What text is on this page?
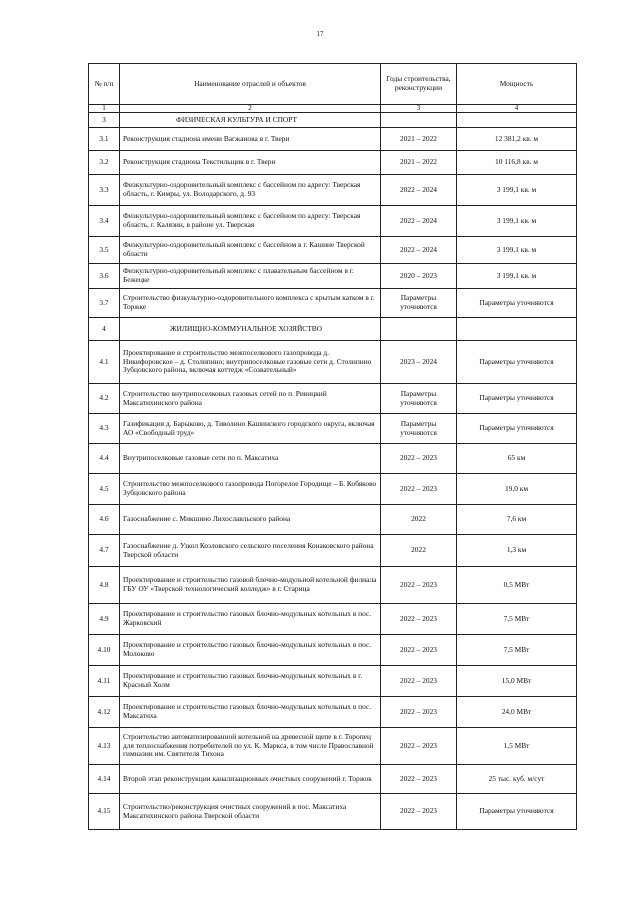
17
№ п/п	Наименование отраслей и объектов	Годы строительства, реконструкции	Мощность
1	2	3	4
3	ФИЗИЧЕСКАЯ КУЛЬТУРА И СПОРТ		
3.1	Реконструкция стадиона имени Вагжанова в г. Твери	2021 – 2022	12 381,2 кв. м
3.2	Реконструкция стадиона Текстильщик в г. Твери	2021 – 2022	10 116,8 кв. м
3.3	Физкультурно-оздоровительный комплекс с бассейном по адресу: Тверская область, г. Кимры, ул. Володарского, д. 93	2022 – 2024	3 199,1 кв. м
3.4	Физкультурно-оздоровительный комплекс с бассейном по адресу: Тверская область, г. Калязин, в районе ул. Тверская	2022 – 2024	3 199,1 кв. м
3.5	Физкультурно-оздоровительный комплекс с бассейном в г. Кашине Тверской области	2022 – 2024	3 199,1 кв. м
3.6	Физкультурно-оздоровительный комплекс с плавательным бассейном в г. Бежецке	2020 – 2023	3 199,1 кв. м
3.7	Строительство физкультурно-оздоровительного комплекса с крытым катком в г. Торжке	Параметры уточняются	Параметры уточняются
4	ЖИЛИЩНО-КОММУНАЛЬНОЕ ХОЗЯЙСТВО		
4.1	Проектирование и строительство межпоселкового газопровода д. Никифоровское – д. Столипино; внутрипоселковые газовые сети д. Столипино Зубцовского района, включая коттедж «Созвательный»	2023 – 2024	Параметры уточняются
4.2	Строительство внутрипоселковых газовых сетей по п. Ривицкий Максатихинского района	Параметры уточняются	Параметры уточняются
4.3	Газификация д. Барыково, д. Тиволино Кашинского городского округа, включая АО «Свободный труд»	Параметры уточняются	Параметры уточняются
4.4	Внутрипоселковые газовые сети по п. Максатиха	2022 – 2023	65 км
4.5	Строительство межпоселкового газопровода Погорелое Городище – Б. Кобяково Зубцовского района	2022 – 2023	19,0 км
4.6	Газоснабжение с. Микшино Лихославльского района	2022	7,6 км
4.7	Газоснабжение д. Узкол Козловского сельского поселения Конаковского района Тверской области	2022	1,3 км
4.8	Проектирование и строительство газовой блочно-модульной котельной филиала ГБУ ОУ «Тверской технологический колледж» в г. Старица	2022 – 2023	0,5 МВт
4.9	Проектирование и строительство газовых блочно-модульных котельных в пос. Жарковский	2022 – 2023	7,5 МВт
4.10	Проектирование и строительство газовых блочно-модульных котельных в пос. Молоково	2022 – 2023	7,5 МВт
4.11	Проектирование и строительство газовых блочно-модульных котельных в г. Красный Холм	2022 – 2023	15,0 МВт
4.12	Проектирование и строительство газовых блочно-модульных котельных в пос. Максатиха	2022 – 2023	24,0 МВт
4.13	Строительство автоматизированной котельной на древесной щепе в г. Торопец для теплоснабжения потребителей по ул. К. Маркса, в том числе Православной гимназии им. Святителя Тихона	2022 – 2023	1,5 МВт
4.14	Второй этап реконструкции канализационных очистных сооружений г. Торжок	2022 – 2023	25 тыс. куб. м/сут
4.15	Строительство/реконструкция очистных сооружений в пос. Максатиха Максатихинского района Тверской области	2022 – 2023	Параметры уточняются
